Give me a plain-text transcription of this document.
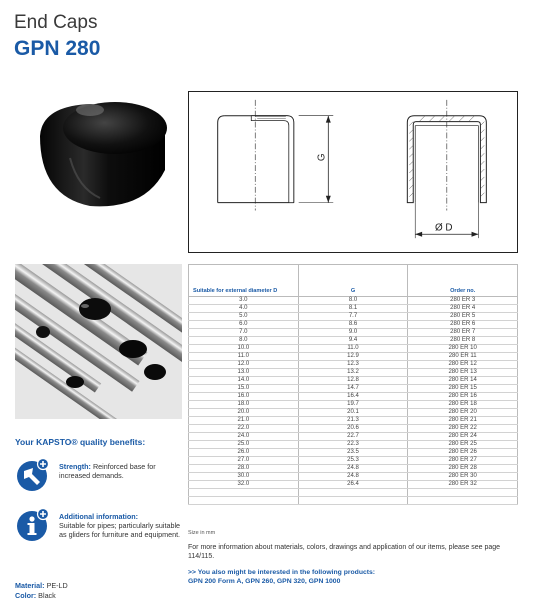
End Caps
GPN 280
G
Ø D
Your KAPSTO® quality benefits:
Strength: Reinforced base for increased demands.
Additional information:
Suitable for pipes; particularly suitable as gliders for furniture and equipment.
Material: PE-LD
Color: Black
Suitable for external diameter D	G	Order no.
3.0	8.0	280 ER 3
4.0	8.1	280 ER 4
5.0	7.7	280 ER 5
6.0	8.6	280 ER 6
7.0	9.0	280 ER 7
8.0	9.4	280 ER 8
10.0	11.0	280 ER 10
11.0	12.9	280 ER 11
12.0	12.3	280 ER 12
13.0	13.2	280 ER 13
14.0	12.8	280 ER 14
15.0	14.7	280 ER 15
16.0	16.4	280 ER 16
18.0	19.7	280 ER 18
20.0	20.1	280 ER 20
21.0	21.3	280 ER 21
22.0	20.6	280 ER 22
24.0	22.7	280 ER 24
25.0	22.3	280 ER 25
26.0	23.5	280 ER 26
27.0	25.3	280 ER 27
28.0	24.8	280 ER 28
30.0	24.8	280 ER 30
32.0	26.4	280 ER 32

Size in mm
For more information about materials, colors, drawings and application of our items, please see page 114/115.
>> You also might be interested in the following products:
GPN 200 Form A, GPN 260, GPN 320, GPN 1000
